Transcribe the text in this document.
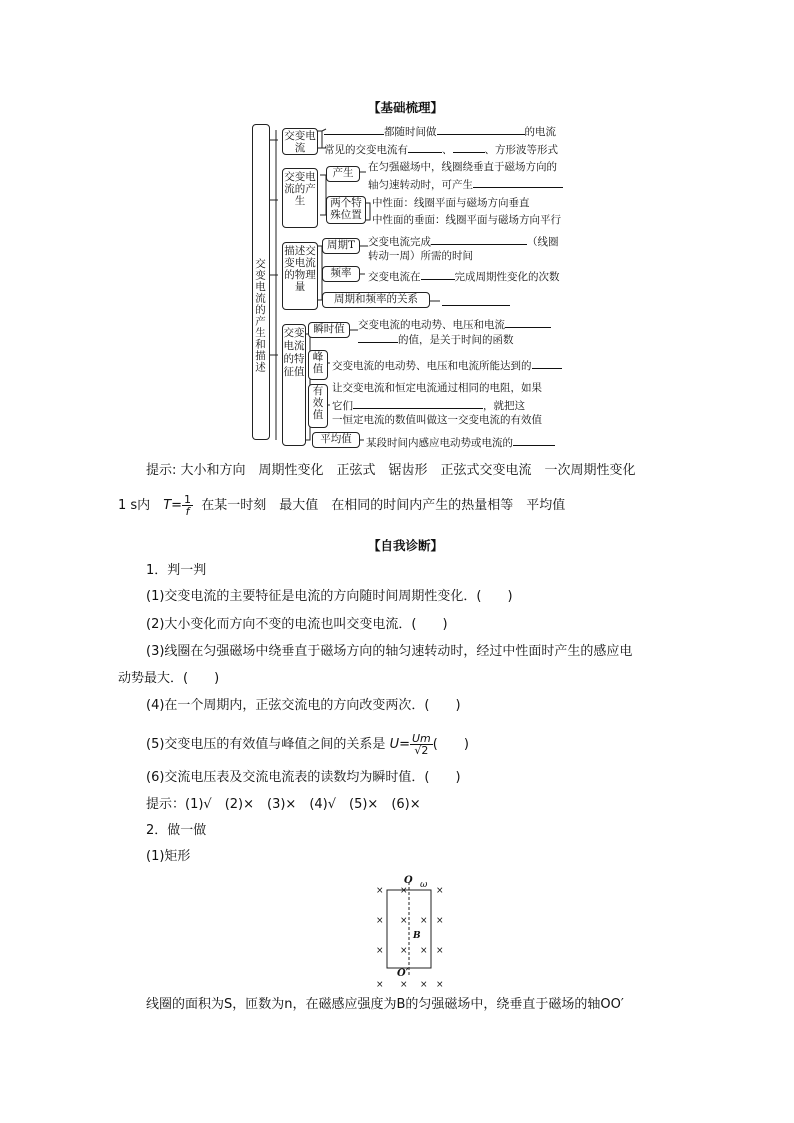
【基础梳理】
交变电流的产生和描述
交变电流
都随时间做	的电流
常见的交变电流有	、	、方形波等形式
交变电流的产生
产生	在匀强磁场中，线圈绕垂直于磁场方向的
轴匀速转动时，可产生
两个特殊位置
中性面：线圈平面与磁场方向垂直
中性面的垂面：线圈平面与磁场方向平行
描述交变电流的物理量
周期T	交变电流完成	（线圈
转动一周）所需的时间
频率	交变电流在	完成周期性变化的次数
周期和频率的关系
交变电流的特征值
瞬时值	交变电流的电动势、电压和电流
的值，是关于时间的函数
峰值 交变电流的电动势、电压和电流所能达到的
有效值
让交变电流和恒定电流通过相同的电阻，如果
它们	，就把这
一恒定电流的数值叫做这一交变电流的有效值
平均值	某段时间内感应电动势或电流的
提示: 大小和方向　周期性变化　正弦式　锯齿形　正弦式交变电流　一次周期性变化
1 s内　$T= \frac{1}{f}$ 在某一时刻　最大值　在相同的时间内产生的热量相等　平均值
【自我诊断】
1．判一判
(1)交变电流的主要特征是电流的方向随时间周期性变化．(　　)
(2)大小变化而方向不变的电流也叫交变电流．(　　)
(3)线圈在匀强磁场中绕垂直于磁场方向的轴匀速转动时，经过中性面时产生的感应电
动势最大．(　　)
(4)在一个周期内，正弦交流电的方向改变两次．(　　)
(5)交变电压的有效值与峰值之间的关系是 $U= \frac{Um}{√2}$ (　　)
(6)交流电压表及交流电流表的读数均为瞬时值．(　　)
提示：(1)√　(2)×　(3)×　(4)√　(5)×　(6)×
2．做一做
(1)矩形
O ω
B
O′
× ×	×
× × × ×
× × × ×
× × × ×
线圈的面积为S，匝数为n，在磁感应强度为B的匀强磁场中，绕垂直于磁场的轴OO′
